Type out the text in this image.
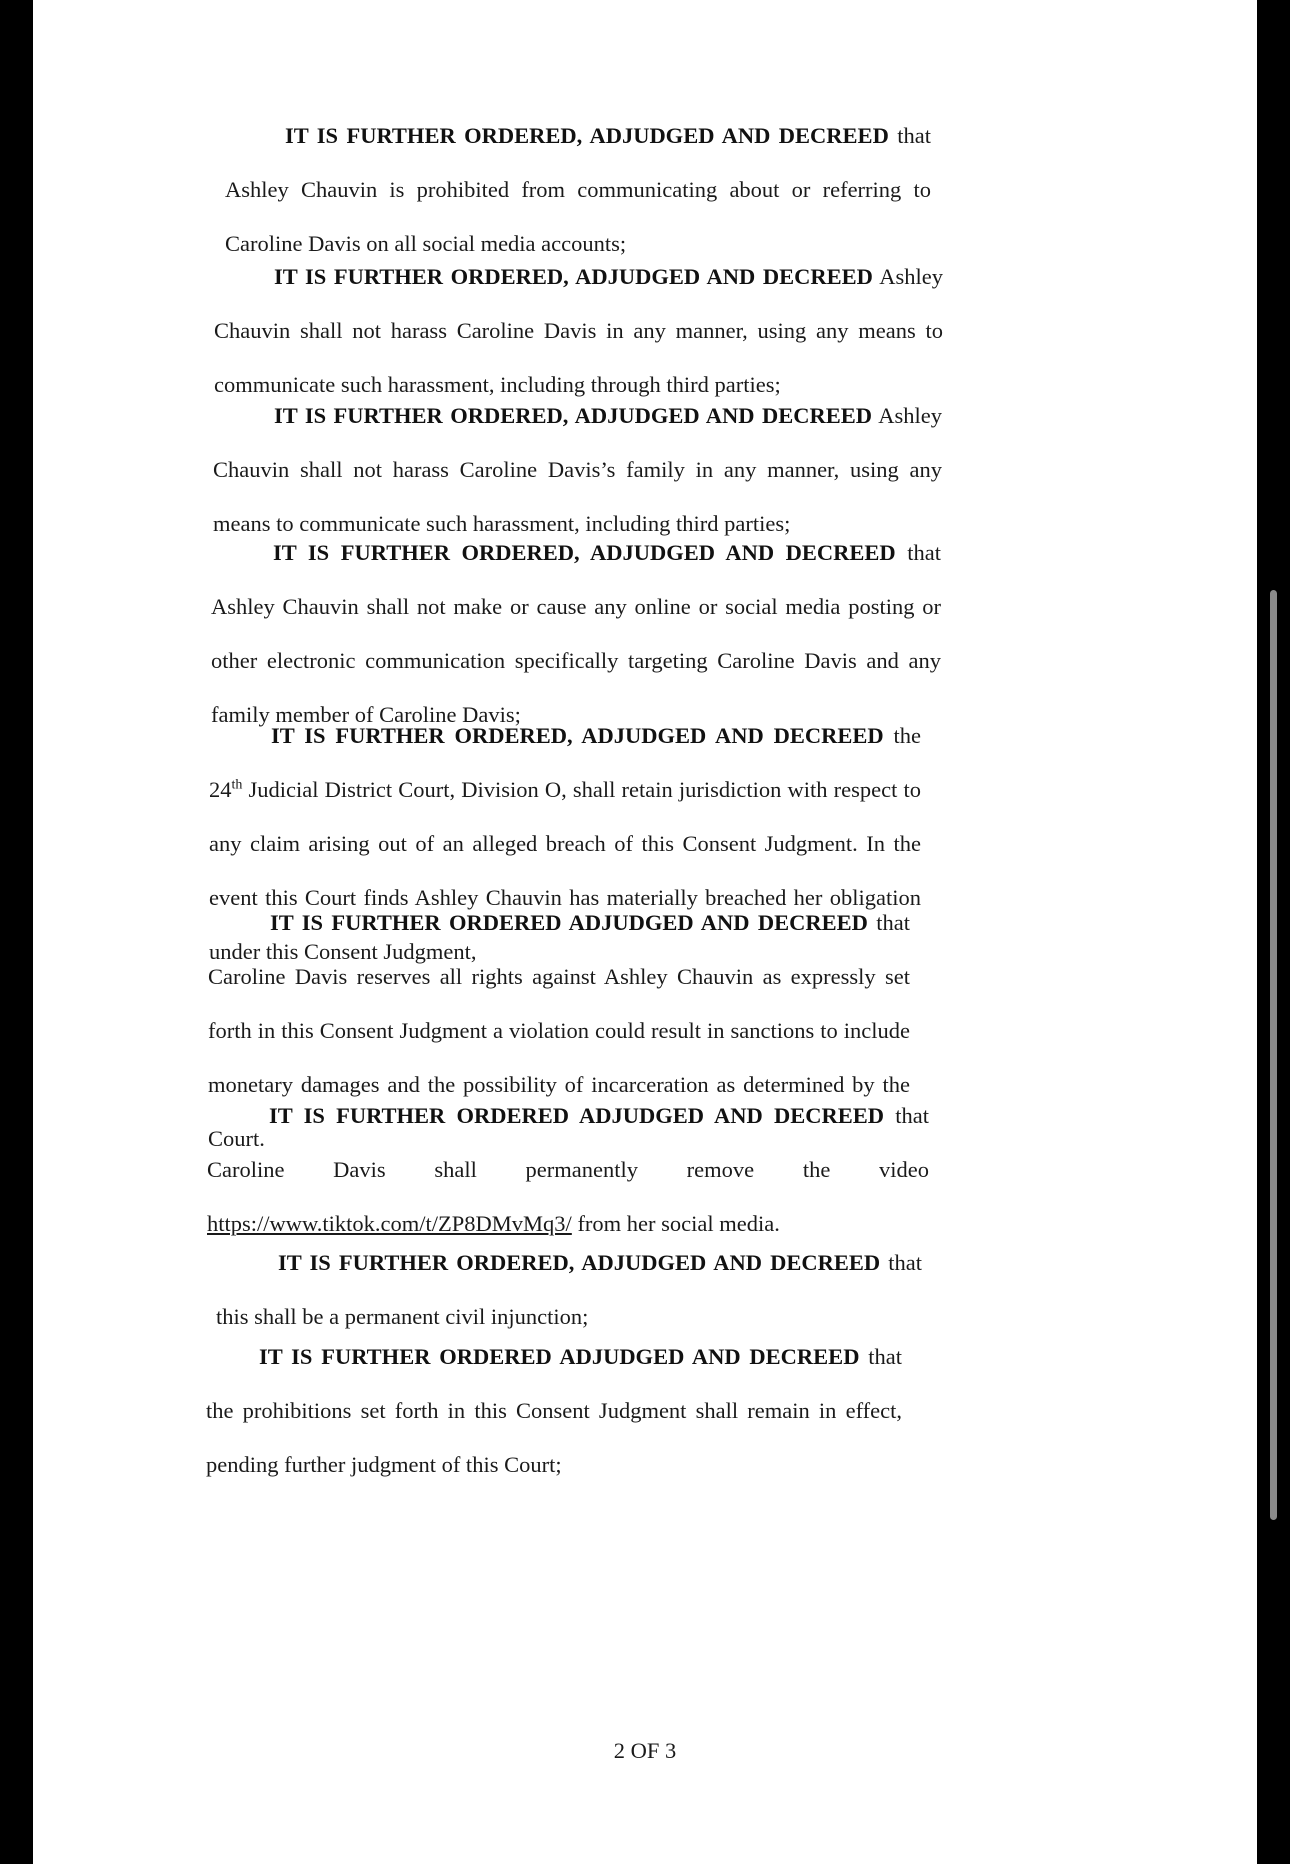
IT IS FURTHER ORDERED, ADJUDGED AND DECREED that Ashley Chauvin is prohibited from communicating about or referring to Caroline Davis on all social media accounts;

IT IS FURTHER ORDERED, ADJUDGED AND DECREED Ashley Chauvin shall not harass Caroline Davis in any manner, using any means to communicate such harassment, including through third parties;

IT IS FURTHER ORDERED, ADJUDGED AND DECREED Ashley Chauvin shall not harass Caroline Davis’s family in any manner, using any means to communicate such harassment, including third parties;

IT IS FURTHER ORDERED, ADJUDGED AND DECREED that Ashley Chauvin shall not make or cause any online or social media posting or other electronic communication specifically targeting Caroline Davis and any family member of Caroline Davis;

IT IS FURTHER ORDERED, ADJUDGED AND DECREED the 24th Judicial District Court, Division O, shall retain jurisdiction with respect to any claim arising out of an alleged breach of this Consent Judgment. In the event this Court finds Ashley Chauvin has materially breached her obligation under this Consent Judgment,

IT IS FURTHER ORDERED ADJUDGED AND DECREED that Caroline Davis reserves all rights against Ashley Chauvin as expressly set forth in this Consent Judgment a violation could result in sanctions to include monetary damages and the possibility of incarceration as determined by the Court.

IT IS FURTHER ORDERED ADJUDGED AND DECREED that Caroline Davis shall permanently remove the video https://www.tiktok.com/t/ZP8DMvMq3/ from her social media.

IT IS FURTHER ORDERED, ADJUDGED AND DECREED that this shall be a permanent civil injunction;

IT IS FURTHER ORDERED ADJUDGED AND DECREED that the prohibitions set forth in this Consent Judgment shall remain in effect, pending further judgment of this Court;

2 OF 3
